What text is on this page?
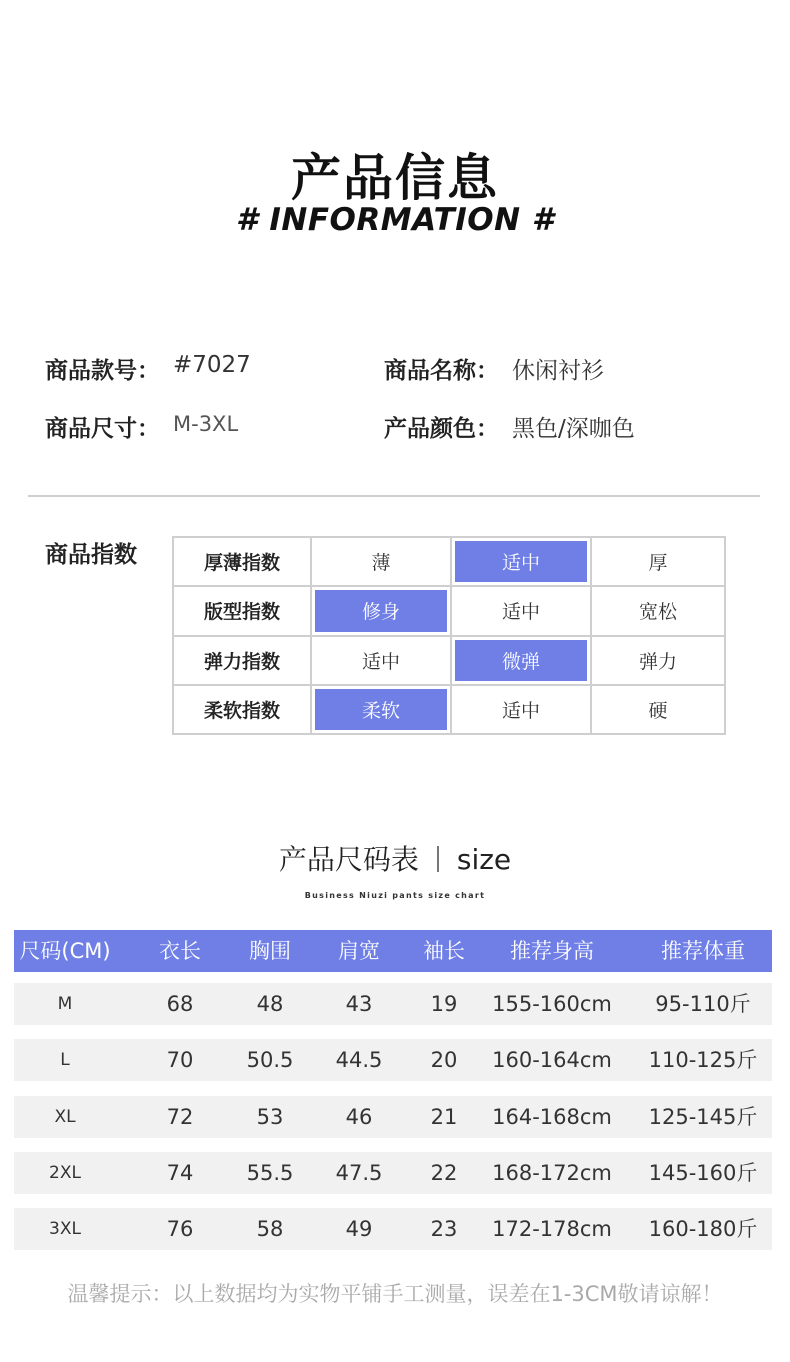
产品信息
# INFORMATION #
商品款号： #7027	商品名称： 休闲衬衫
商品尺寸： M-3XL	产品颜色： 黑色/深咖色
商品指数	厚薄指数	薄	适中	厚
版型指数	修身	适中	宽松
弹力指数	适中	微弹	弹力
柔软指数	柔软	适中	硬
产品尺码表 size
Business Niuzi pants size chart
尺码(CM)	衣长	胸围	肩宽	袖长	推荐身高	推荐体重
M	68	48	43	19	155-160cm	95-110斤
L	70	50.5	44.5	20	160-164cm	110-125斤
XL	72	53	46	21	164-168cm	125-145斤
2XL	74	55.5	47.5	22	168-172cm	145-160斤
3XL	76	58	49	23	172-178cm	160-180斤
温馨提示：以上数据均为实物平铺手工测量，误差在1-3CM敬请谅解！
